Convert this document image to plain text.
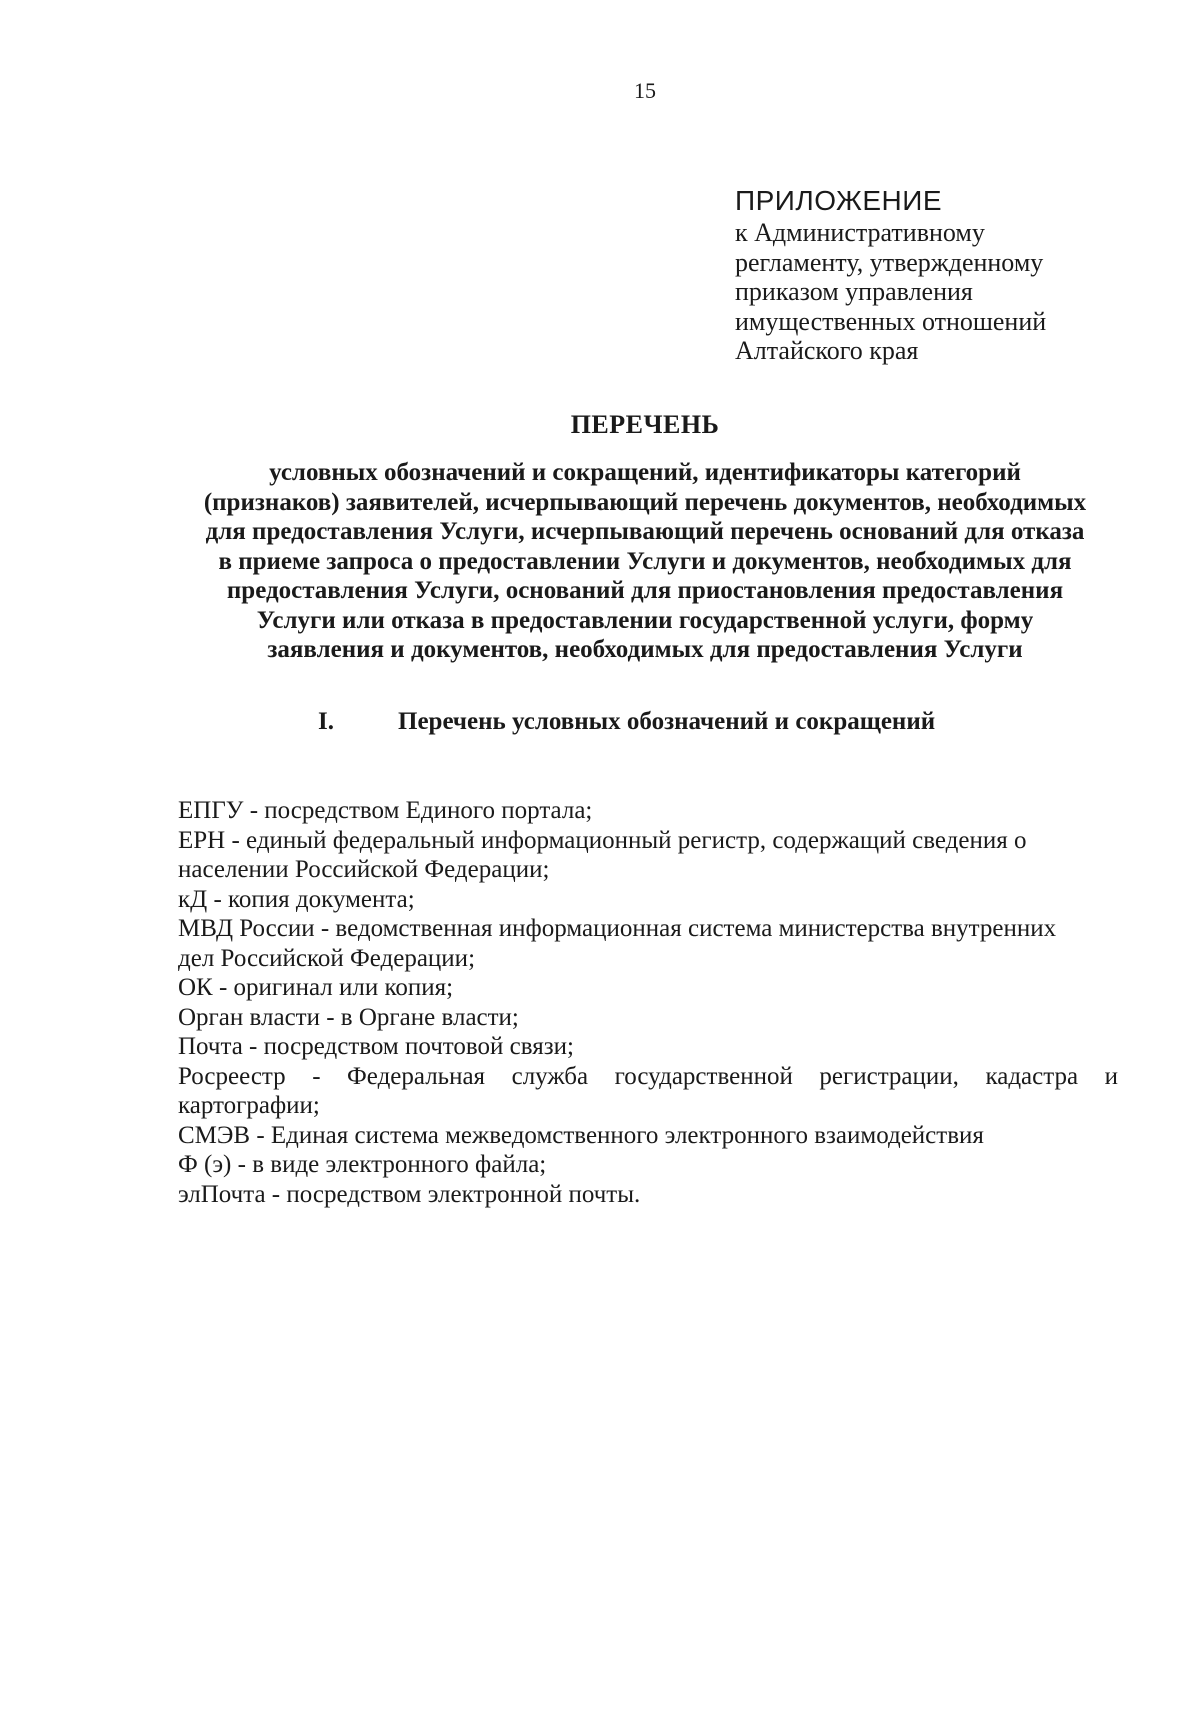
15
ПРИЛОЖЕНИЕ
к Административному
регламенту, утвержденному
приказом управления
имущественных отношений
Алтайского края
ПЕРЕЧЕНЬ
условных обозначений и сокращений, идентификаторы категорий
(признаков) заявителей, исчерпывающий перечень документов, необходимых
для предоставления Услуги, исчерпывающий перечень оснований для отказа
в приеме запроса о предоставлении Услуги и документов, необходимых для
предоставления Услуги, оснований для приостановления предоставления
Услуги или отказа в предоставлении государственной услуги, форму
заявления и документов, необходимых для предоставления Услуги
I.	Перечень условных обозначений и сокращений
ЕПГУ - посредством Единого портала;
ЕРН - единый федеральный информационный регистр, содержащий сведения о
населении Российской Федерации;
кД - копия документа;
МВД России - ведомственная информационная система министерства внутренних
дел Российской Федерации;
ОК - оригинал или копия;
Орган власти - в Органе власти;
Почта - посредством почтовой связи;
Росреестр - Федеральная служба государственной регистрации, кадастра и
картографии;
СМЭВ - Единая система межведомственного электронного взаимодействия
Ф (э) - в виде электронного файла;
элПочта - посредством электронной почты.
